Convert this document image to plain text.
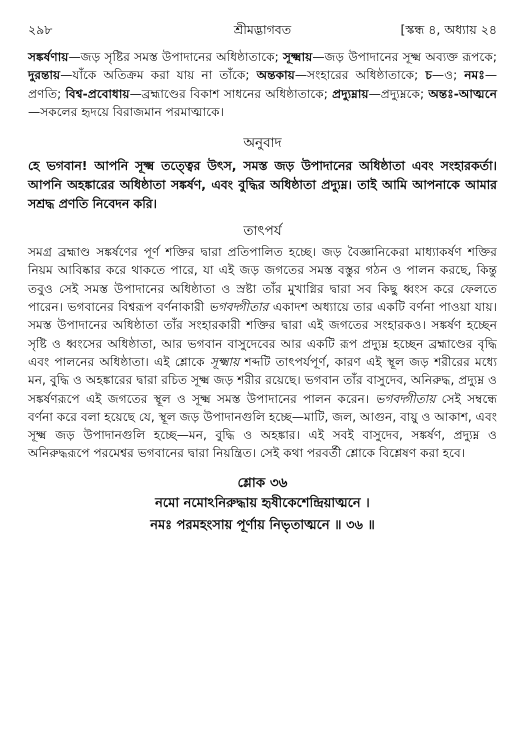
২৯৮	শ্রীমদ্ভাগবত	[স্কন্ধ ৪, অধ্যায় ২৪

সঙ্কর্ষণায়—জড় সৃষ্টির সমস্ত উপাদানের অধিষ্ঠাতাকে; সূক্ষ্মায়—জড় উপাদানের সূক্ষ্ম অব্যক্ত রূপকে; দুরন্তায়—যাঁকে অতিক্রম করা যায় না তাঁকে; অন্তকায়—সংহারের অধিষ্ঠাতাকে; চ—ও; নমঃ—প্রণতি; বিশ্ব-প্রবোধায়—ব্রহ্মাণ্ডের বিকাশ সাধনের অধিষ্ঠাতাকে; প্রদ্যুম্নায়—প্রদ্যুম্নকে; অন্তঃ-আত্মনে—সকলের হৃদয়ে বিরাজমান পরমাত্মাকে।

অনুবাদ

হে ভগবান! আপনি সূক্ষ্ম তত্ত্বের উৎস, সমস্ত জড় উপাদানের অধিষ্ঠাতা এবং সংহারকর্তা। আপনি অহঙ্কারের অধিষ্ঠাতা সঙ্কর্ষণ, এবং বুদ্ধির অধিষ্ঠাতা প্রদ্যুম্ন। তাই আমি আপনাকে আমার সশ্রদ্ধ প্রণতি নিবেদন করি।

তাৎপর্য

সমগ্র ব্রহ্মাণ্ড সঙ্কর্ষণের পূর্ণ শক্তির দ্বারা প্রতিপালিত হচ্ছে। জড় বৈজ্ঞানিকেরা মাধ্যাকর্ষণ শক্তির নিয়ম আবিষ্কার করে থাকতে পারে, যা এই জড় জগতের সমস্ত বস্তুর গঠন ও পালন করছে, কিন্তু তবুও সেই সমস্ত উপাদানের অধিষ্ঠাতা ও স্রষ্টা তাঁর মুখাগ্নির দ্বারা সব কিছু ধ্বংস করে ফেলতে পারেন। ভগবানের বিশ্বরূপ বর্ণনাকারী ভগবদ্গীতার একাদশ অধ্যায়ে তার একটি বর্ণনা পাওয়া যায়। সমস্ত উপাদানের অধিষ্ঠাতা তাঁর সংহারকারী শক্তির দ্বারা এই জগতের সংহারকও। সঙ্কর্ষণ হচ্ছেন সৃষ্টি ও ধ্বংসের অধিষ্ঠাতা, আর ভগবান বাসুদেবের আর একটি রূপ প্রদ্যুম্ন হচ্ছেন ব্রহ্মাণ্ডের বৃদ্ধি এবং পালনের অধিষ্ঠাতা। এই শ্লোকে সূক্ষ্মায় শব্দটি তাৎপর্যপূর্ণ, কারণ এই স্থূল জড় শরীরের মধ্যে মন, বুদ্ধি ও অহঙ্কারের দ্বারা রচিত সূক্ষ্ম জড় শরীর রয়েছে। ভগবান তাঁর বাসুদেব, অনিরুদ্ধ, প্রদ্যুম্ন ও সঙ্কর্ষণরূপে এই জগতের স্থূল ও সূক্ষ্ম সমস্ত উপাদানের পালন করেন। ভগবদ্গীতায় সেই সম্বন্ধে বর্ণনা করে বলা হয়েছে যে, স্থূল জড় উপাদানগুলি হচ্ছে—মাটি, জল, আগুন, বায়ু ও আকাশ, এবং সূক্ষ্ম জড় উপাদানগুলি হচ্ছে—মন, বুদ্ধি ও অহঙ্কার। এই সবই বাসুদেব, সঙ্কর্ষণ, প্রদ্যুম্ন ও অনিরুদ্ধরূপে পরমেশ্বর ভগবানের দ্বারা নিয়ন্ত্রিত। সেই কথা পরবর্তী শ্লোকে বিশ্লেষণ করা হবে।

শ্লোক ৩৬
নমো নমোঽনিরুদ্ধায় হৃষীকেশেন্দ্রিয়াত্মনে ।
নমঃ পরমহংসায় পূর্ণায় নিভৃতাত্মনে ॥ ৩৬ ॥
